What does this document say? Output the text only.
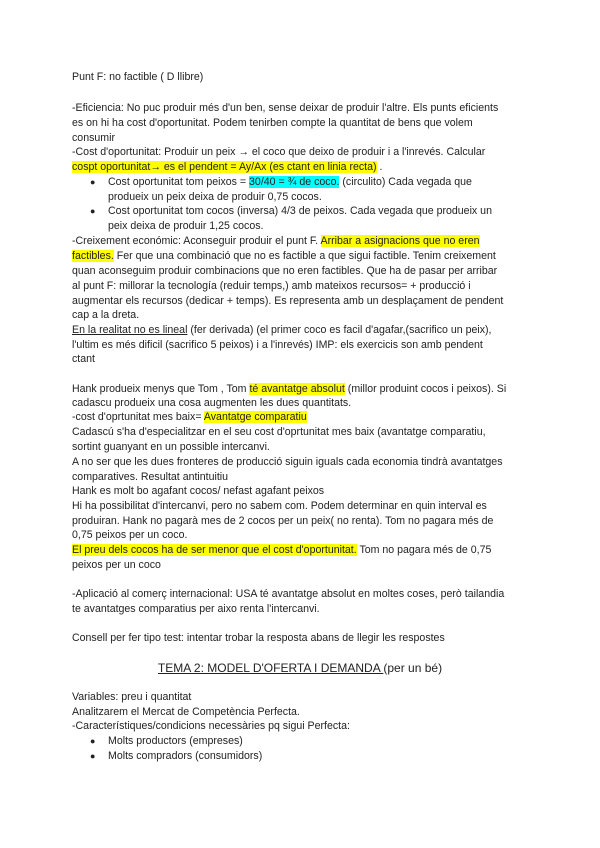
Punt F: no factible ( D llibre)
-Eficiencia: No puc produir més d'un ben, sense deixar de produir l'altre. Els punts eficients
es on hi ha cost d'oportunitat. Podem tenirben compte la quantitat de bens que volem
consumir
-Cost d'oportunitat: Produir un peix → el coco que deixo de produir i a l'inrevés. Calcular
cospt oportunitat→ es el pendent = Ay/Ax (es ctant en linia recta) .
● Cost oportunitat tom peixos = 30/40 = ¾ de coco. (circulito) Cada vegada que
produeix un peix deixa de produir 0,75 cocos.
● Cost oportunitat tom cocos (inversa) 4/3 de peixos. Cada vegada que produeix un
peix deixa de produir 1,25 cocos.
-Creixement económic: Aconseguir produir el punt F. Arribar a asignacions que no eren
factibles. Fer que una combinació que no es factible a que sigui factible. Tenim creixement
quan aconseguim produir combinacions que no eren factibles. Que ha de pasar per arribar
al punt F: millorar la tecnología (reduir temps,) amb mateixos recursos= + producció i
augmentar els recursos (dedicar + temps). Es representa amb un desplaçament de pendent
cap a la dreta.
En la realitat no es lineal (fer derivada) (el primer coco es facil d'agafar,(sacrifico un peix),
l'ultim es més dificil (sacrifico 5 peixos) i a l'inrevés) IMP: els exercicis son amb pendent
ctant
Hank produeix menys que Tom , Tom té avantatge absolut (millor produint cocos i peixos). Si
cadascu produeix una cosa augmenten les dues quantitats.
-cost d'oprtunitat mes baix= Avantatge comparatiu
Cadascú s'ha d'especialitzar en el seu cost d'oprtunitat mes baix (avantatge comparatiu,
sortint guanyant en un possible intercanvi.
A no ser que les dues fronteres de producció siguin iguals cada economia tindrà avantatges
comparatives. Resultat antintuitiu
Hank es molt bo agafant cocos/ nefast agafant peixos
Hi ha possibilitat d'intercanvi, pero no sabem com. Podem determinar en quin interval es
produiran. Hank no pagarà mes de 2 cocos per un peix( no renta). Tom no pagara més de
0,75 peixos per un coco.
El preu dels cocos ha de ser menor que el cost d'oportunitat. Tom no pagara més de 0,75
peixos per un coco
-Aplicació al comerç internacional: USA té avantatge absolut en moltes coses, però tailandia
te avantatges comparatius per aixo renta l'intercanvi.
Consell per fer tipo test: intentar trobar la resposta abans de llegir les respostes
TEMA 2: MODEL D'OFERTA I DEMANDA (per un bé)
Variables: preu i quantitat
Analitzarem el Mercat de Competència Perfecta.
-Característiques/condicions necessàries pq sigui Perfecta:
● Molts productors (empreses)
● Molts compradors (consumidors)
